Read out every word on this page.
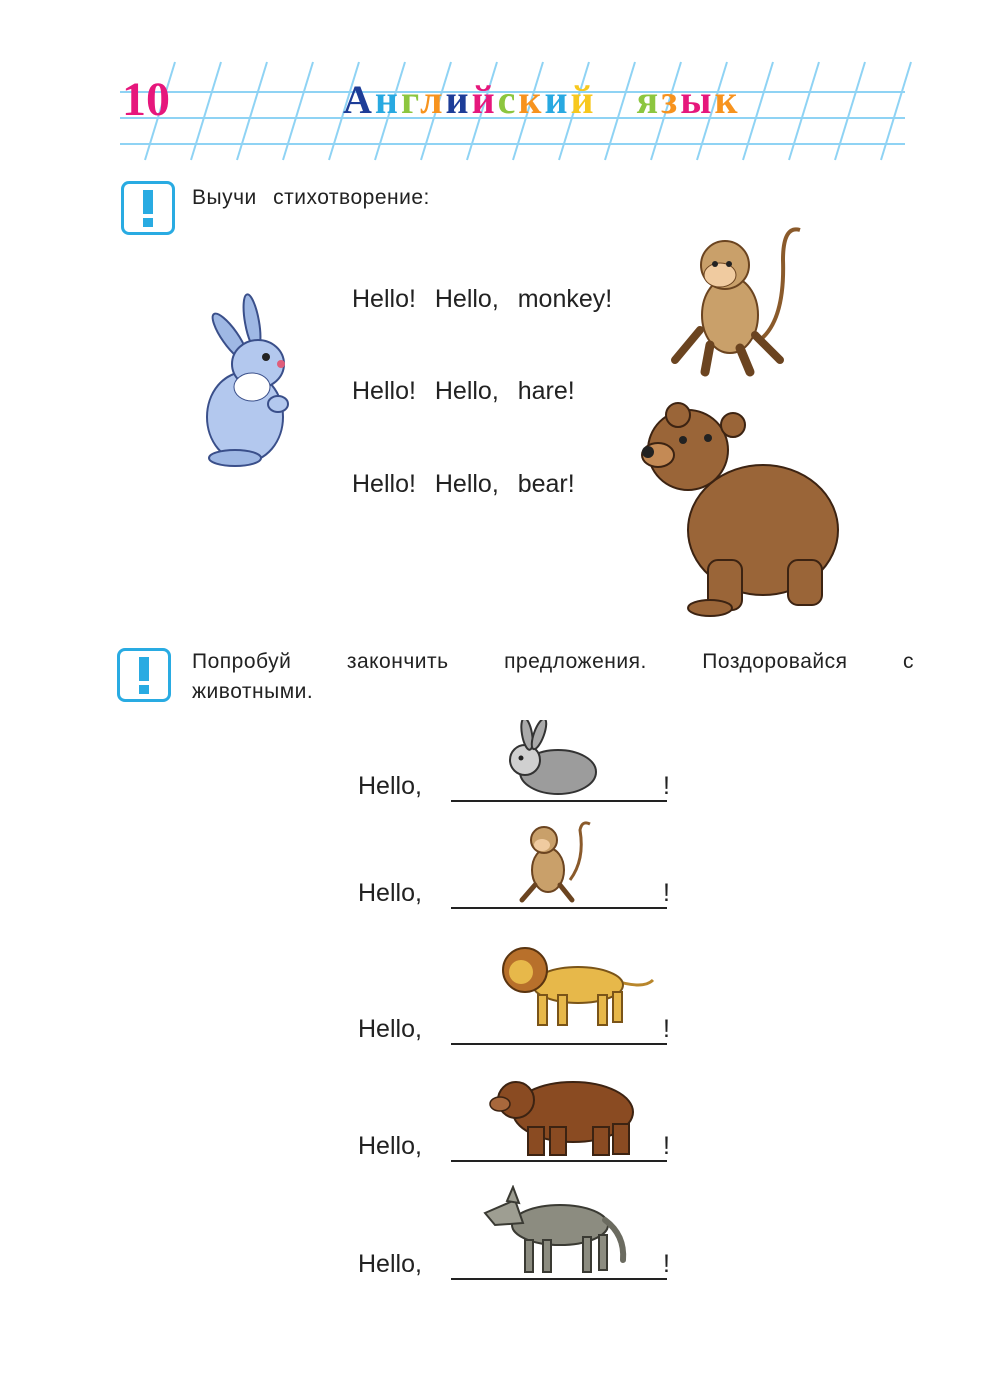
10	Английский язык
Выучи стихотворение:
Hello! Hello, monkey!
Hello! Hello, hare!
Hello! Hello, bear!
Попробуй	закончить	предложения.	Поздоровайся	с
животными.
Hello,	!
Hello,	!
Hello,	!
Hello,	!
Hello,	!
